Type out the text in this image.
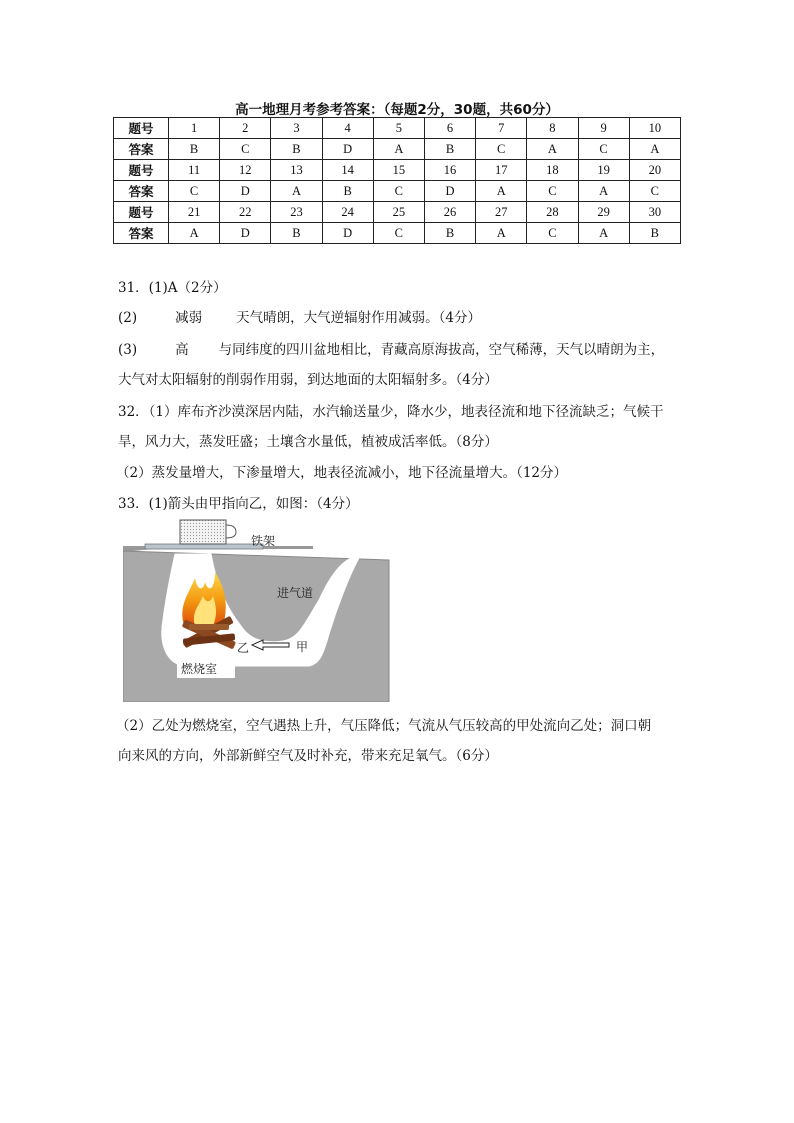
高一地理月考参考答案：（每题2分，30题，共60分）
题号	1	2	3	4	5	6	7	8	9	10
答案	B	C	B	D	A	B	C	A	C	A
题号	11	12	13	14	15	16	17	18	19	20
答案	C	D	A	B	C	D	A	C	A	C
题号	21	22	23	24	25	26	27	28	29	30
答案	A	D	B	D	C	B	A	C	A	B
31．(1)A（2分）
(2)	减弱	天气晴朗，大气逆辐射作用减弱。（4分）
(3)	高 与同纬度的四川盆地相比，青藏高原海拔高，空气稀薄，天气以晴朗为主，
大气对太阳辐射的削弱作用弱，到达地面的太阳辐射多。（4分）
32．（1）库布齐沙漠深居内陆，水汽输送量少，降水少，地表径流和地下径流缺乏；气候干
旱，风力大，蒸发旺盛；土壤含水量低，植被成活率低。（8分）
（2）蒸发量增大，下渗量增大，地表径流减小，地下径流量增大。（12分）
33．(1)箭头由甲指向乙，如图：（4分）
铁架
进气道
甲
乙
燃烧室
（2）乙处为燃烧室，空气遇热上升，气压降低；气流从气压较高的甲处流向乙处；洞口朝
向来风的方向，外部新鲜空气及时补充，带来充足氧气。（6分）
